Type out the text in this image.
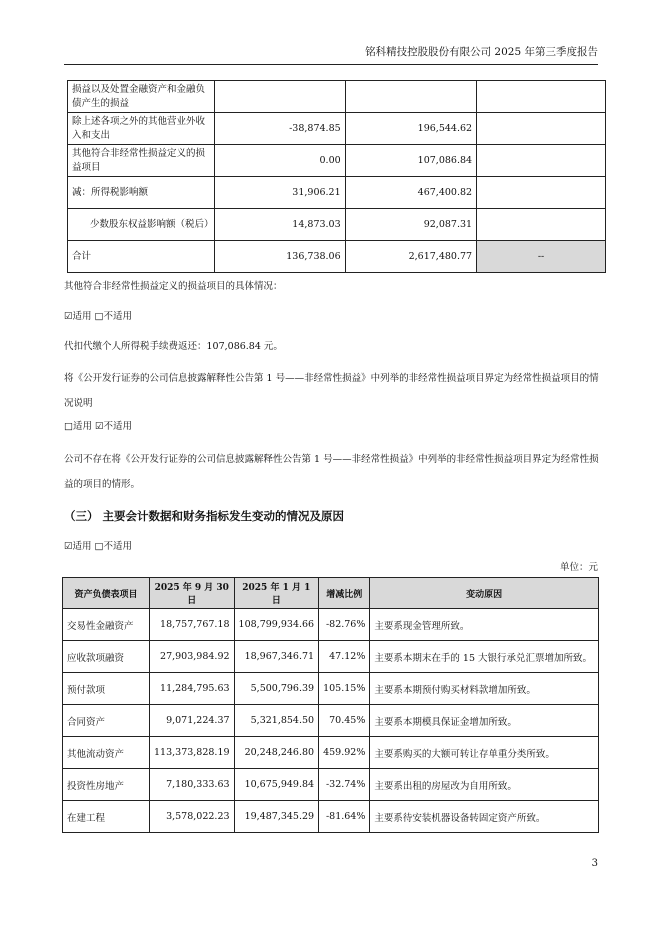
铭科精技控股股份有限公司 2025 年第三季度报告
损益以及处置金融资产和金融负债产生的损益			
除上述各项之外的其他营业外收入和支出	-38,874.85	196,544.62	
其他符合非经常性损益定义的损益项目	0.00	107,086.84	
减：所得税影响额	31,906.21	467,400.82	
少数股东权益影响额（税后）	14,873.03	92,087.31	
合计	136,738.06	2,617,480.77	--
其他符合非经常性损益定义的损益项目的具体情况：
☑适用 □不适用
代扣代缴个人所得税手续费返还：107,086.84 元。
将《公开发行证券的公司信息披露解释性公告第 1 号——非经常性损益》中列举的非经常性损益项目界定为经常性损益项目的情况说明
□适用 ☑不适用
公司不存在将《公开发行证券的公司信息披露解释性公告第 1 号——非经常性损益》中列举的非经常性损益项目界定为经常性损益的项目的情形。
（三） 主要会计数据和财务指标发生变动的情况及原因
☑适用 □不适用
单位：元
资产负债表项目	2025 年 9 月 30 日	2025 年 1 月 1 日	增减比例	变动原因
交易性金融资产	18,757,767.18	108,799,934.66	-82.76%	主要系现金管理所致。
应收款项融资	27,903,984.92	18,967,346.71	47.12%	主要系本期末在手的 15 大银行承兑汇票增加所致。
预付款项	11,284,795.63	5,500,796.39	105.15%	主要系本期预付购买材料款增加所致。
合同资产	9,071,224.37	5,321,854.50	70.45%	主要系本期模具保证金增加所致。
其他流动资产	113,373,828.19	20,248,246.80	459.92%	主要系购买的大额可转让存单重分类所致。
投资性房地产	7,180,333.63	10,675,949.84	-32.74%	主要系出租的房屋改为自用所致。
在建工程	3,578,022.23	19,487,345.29	-81.64%	主要系待安装机器设备转固定资产所致。
3
